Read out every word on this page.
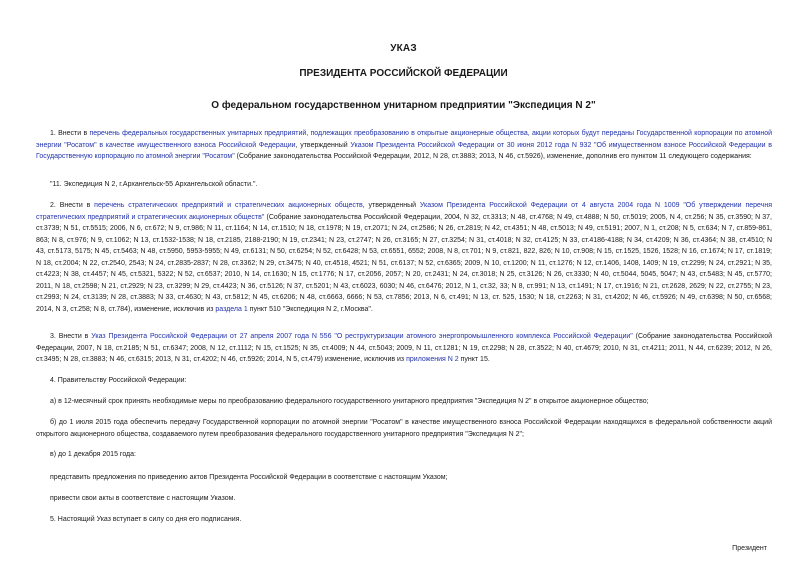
УКАЗ
ПРЕЗИДЕНТА РОССИЙСКОЙ ФЕДЕРАЦИИ
О федеральном государственном унитарном предприятии "Экспедиция N 2"

1. Внести в перечень федеральных государственных унитарных предприятий, подлежащих преобразованию в открытые акционерные общества, акции которых будут переданы Государственной корпорации по атомной энергии "Росатом" в качестве имущественного взноса Российской Федерации, утвержденный Указом Президента Российской Федерации от 30 июня 2012 года N 932 "Об имущественном взносе Российской Федерации в Государственную корпорацию по атомной энергии "Росатом" (Собрание законодательства Российской Федерации, 2012, N 28, ст.3883; 2013, N 46, ст.5926), изменение, дополнив его пунктом 11 следующего содержания:

"11. Экспедиция N 2, г.Архангельск-55 Архангельской области.".

2. Внести в перечень стратегических предприятий и стратегических акционерных обществ, утвержденный Указом Президента Российской Федерации от 4 августа 2004 года N 1009 "Об утверждении перечня стратегических предприятий и стратегических акционерных обществ" (Собрание законодательства Российской Федерации, 2004, N 32, ст.3313; N 48, ст.4768; N 49, ст.4888; N 50, ст.5019; 2005, N 4, ст.256; N 35, ст.3590; N 37, ст.3739; N 51, ст.5515; 2006, N 6, ст.672; N 9, ст.986; N 11, ст.1164; N 14, ст.1510; N 18, ст.1978; N 19, ст.2071; N 24, ст.2586; N 26, ст.2819; N 42, ст.4351; N 48, ст.5013; N 49, ст.5191; 2007, N 1, ст.208; N 5, ст.634; N 7, ст.859-861, 863; N 8, ст.976; N 9, ст.1062; N 13, ст.1532-1538; N 18, ст.2185, 2188-2190; N 19, ст.2341; N 23, ст.2747; N 26, ст.3165; N 27, ст.3254; N 31, ст.4018; N 32, ст.4125; N 33, ст.4186-4188; N 34, ст.4209; N 36, ст.4364; N 38, ст.4510; N 43, ст.5173, 5175; N 45, ст.5463; N 48, ст.5950, 5953-5955; N 49, ст.6131; N 50, ст.6254; N 52, ст.6428; N 53, ст.6551, 6552; 2008, N 8, ст.701; N 9, ст.821, 822, 826; N 10, ст.908; N 15, ст.1525, 1526, 1528; N 16, ст.1674; N 17, ст.1819; N 18, ст.2004; N 22, ст.2540, 2543; N 24, ст.2835-2837; N 28, ст.3362; N 29, ст.3475; N 40, ст.4518, 4521; N 51, ст.6137; N 52, ст.6365; 2009, N 10, ст.1200; N 11, ст.1276; N 12, ст.1406, 1408, 1409; N 19, ст.2299; N 24, ст.2921; N 35, ст.4223; N 38, ст.4457; N 45, ст.5321, 5322; N 52, ст.6537; 2010, N 14, ст.1630; N 15, ст.1776; N 17, ст.2056, 2057; N 20, ст.2431; N 24, ст.3018; N 25, ст.3126; N 26, ст.3330; N 40, ст.5044, 5045, 5047; N 43, ст.5483; N 45, ст.5770; 2011, N 18, ст.2598; N 21, ст.2929; N 23, ст.3299; N 29, ст.4423; N 36, ст.5126; N 37, ст.5201; N 43, ст.6023, 6030; N 46, ст.6476; 2012, N 1, ст.32, 33; N 8, ст.991; N 13, ст.1491; N 17, ст.1916; N 21, ст.2628, 2629; N 22, ст.2755; N 23, ст.2993; N 24, ст.3139; N 28, ст.3883; N 33, ст.4630; N 43, ст.5812; N 45, ст.6206; N 48, ст.6663, 6666; N 53, ст.7856; 2013, N 6, ст.491; N 13, ст. 525, 1530; N 18, ст.2263; N 31, ст.4202; N 46, ст.5926; N 49, ст.6398; N 50, ст.6568; 2014, N 3, ст.258; N 8, ст.784), изменение, исключив из раздела 1 пункт 510 "Экспедиция N 2, г.Москва".

3. Внести в Указ Президента Российской Федерации от 27 апреля 2007 года N 556 "О реструктуризации атомного энергопромышленного комплекса Российской Федерации" (Собрание законодательства Российской Федерации, 2007, N 18, ст.2185; N 51, ст.6347; 2008, N 12, ст.1112; N 15, ст.1525; N 35, ст.4009; N 44, ст.5043; 2009, N 11, ст.1281; N 19, ст.2298; N 28, ст.3522; N 40, ст.4679; 2010, N 31, ст.4211; 2011, N 44, ст.6239; 2012, N 26, ст.3495; N 28, ст.3883; N 46, ст.6315; 2013, N 31, ст.4202; N 46, ст.5926; 2014, N 5, ст.479) изменение, исключив из приложения N 2 пункт 15.

4. Правительству Российской Федерации:

а) в 12-месячный срок принять необходимые меры по преобразованию федерального государственного унитарного предприятия "Экспедиция N 2" в открытое акционерное общество;

б) до 1 июля 2015 года обеспечить передачу Государственной корпорации по атомной энергии "Росатом" в качестве имущественного взноса Российской Федерации находящихся в федеральной собственности акций открытого акционерного общества, создаваемого путем преобразования федерального государственного унитарного предприятия "Экспедиция N 2";

в) до 1 декабря 2015 года:

представить предложения по приведению актов Президента Российской Федерации в соответствие с настоящим Указом;

привести свои акты в соответствие с настоящим Указом.

5. Настоящий Указ вступает в силу со дня его подписания.

Президент
